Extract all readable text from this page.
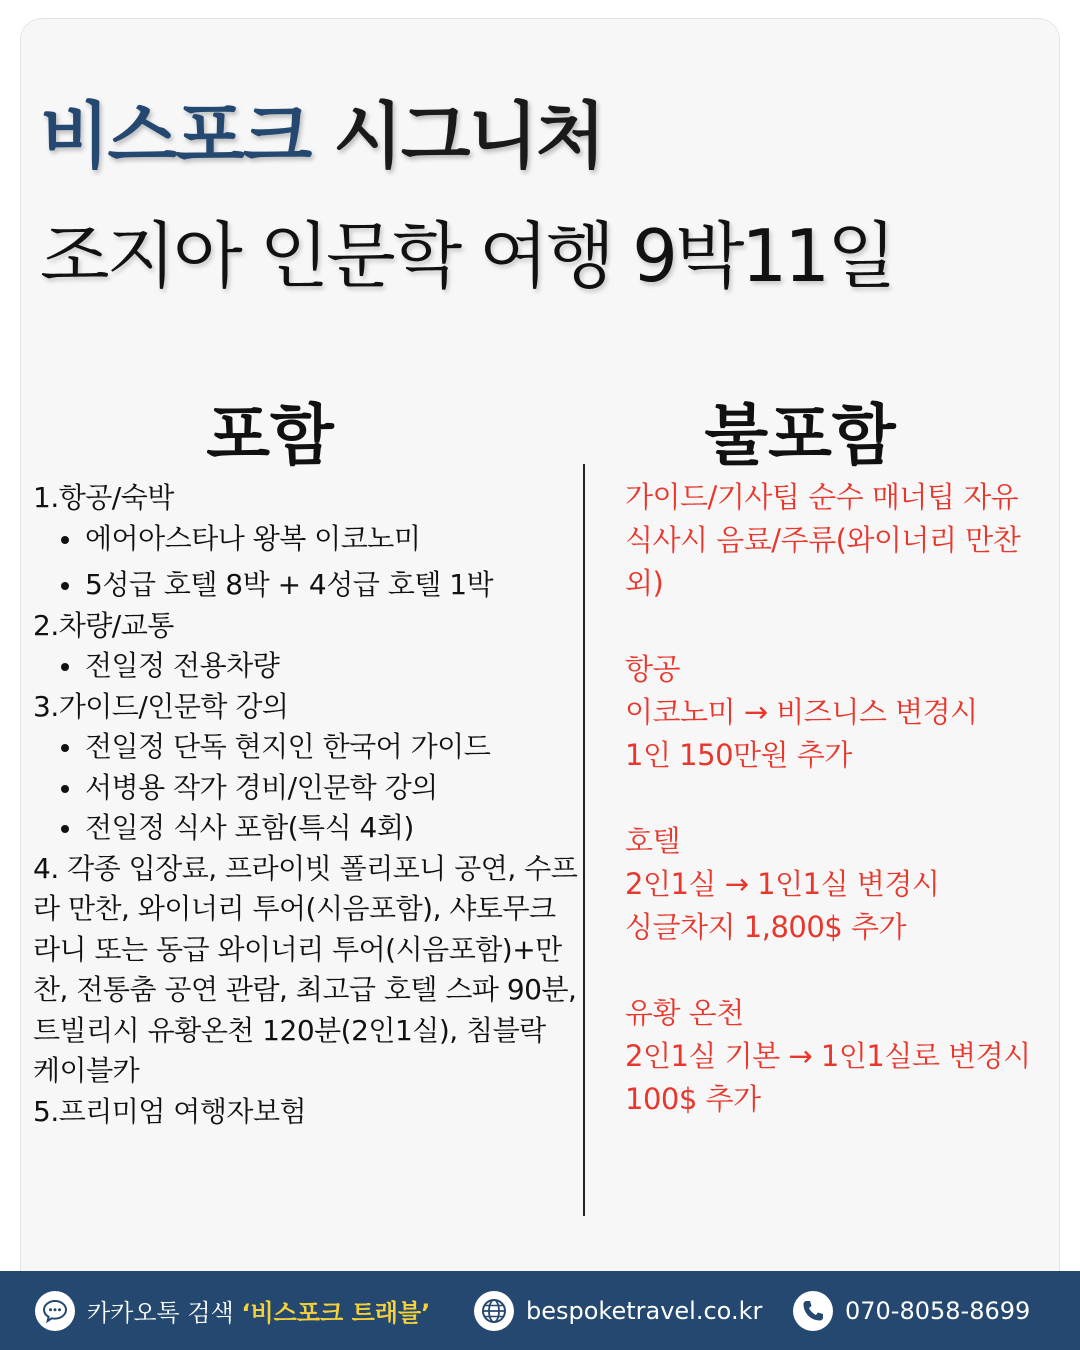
비스포크 시그니처
조지아 인문학 여행 9박11일
포함	불포함
1.항공/숙박
에어아스타나 왕복 이코노미
5성급 호텔 8박 + 4성급 호텔 1박
2.차량/교통
전일정 전용차량
3.가이드/인문학 강의
전일정 단독 현지인 한국어 가이드
서병용 작가 경비/인문학 강의
전일정 식사 포함(특식 4회)
4. 각종 입장료, 프라이빗 폴리포니 공연, 수프라 만찬, 와이너리 투어(시음포함), 샤토무크라니 또는 동급 와이너리 투어(시음포함)+만찬, 전통춤 공연 관람, 최고급 호텔 스파 90분, 트빌리시 유황온천 120분(2인1실), 침블락 케이블카
5.프리미엄 여행자보험
가이드/기사팁 순수 매너팁 자유
식사시 음료/주류(와이너리 만찬
외)
항공
이코노미 → 비즈니스 변경시
1인 150만원 추가
호텔
2인1실 → 1인1실 변경시
싱글차지 1,800$ 추가
유황 온천
2인1실 기본 → 1인1실로 변경시
100$ 추가
카카오톡 검색 ‘비스포크 트래블’	bespoketravel.co.kr	070-8058-8699
